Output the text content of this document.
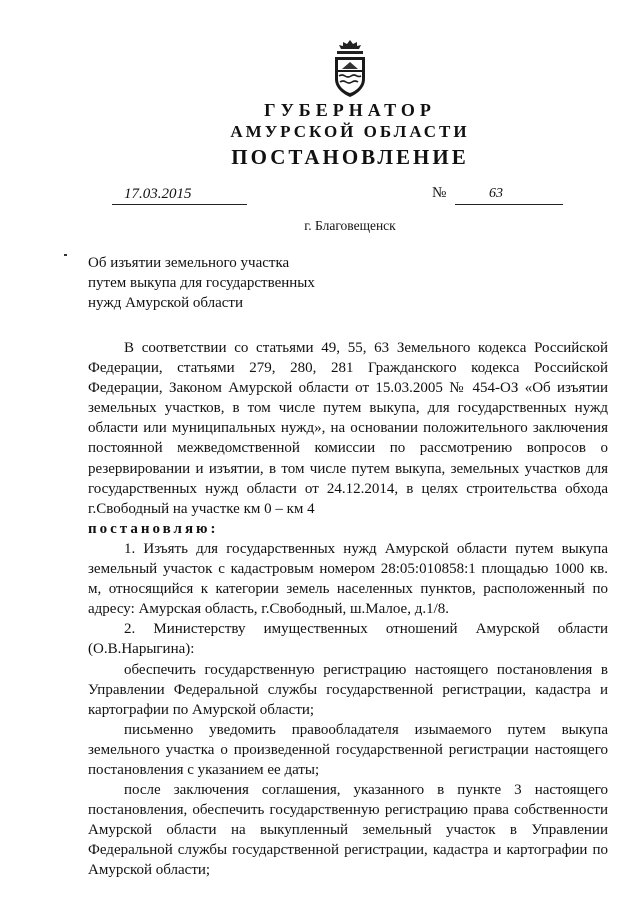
ГУБЕРНАТОР
АМУРСКОЙ ОБЛАСТИ
ПОСТАНОВЛЕНИЕ
17.03.2015	№	63
г. Благовещенск
Об изъятии земельного участка
путем выкупа для государственных
нужд Амурской области
В соответствии со статьями 49, 55, 63 Земельного кодекса Российской
Федерации, статьями 279, 280, 281 Гражданского кодекса Российской
Федерации, Законом Амурской области от 15.03.2005 № 454-ОЗ «Об изъятии
земельных участков, в том числе путем выкупа, для государственных нужд
области или муниципальных нужд», на основании положительного заключения
постоянной межведомственной комиссии по рассмотрению вопросов о
резервировании и изъятии, в том числе путем выкупа, земельных участков для
государственных нужд области от 24.12.2014, в целях строительства обхода
г.Свободный на участке км 0 – км 4
постановляю:
1. Изъять для государственных нужд Амурской области путем выкупа
земельный участок с кадастровым номером 28:05:010858:1 площадью 1000 кв.
м, относящийся к категории земель населенных пунктов, расположенный по
адресу: Амурская область, г.Свободный, ш.Малое, д.1/8.
2. Министерству имущественных отношений Амурской области
(О.В.Нарыгина):
обеспечить государственную регистрацию настоящего постановления в
Управлении Федеральной службы государственной регистрации, кадастра и
картографии по Амурской области;
письменно уведомить правообладателя изымаемого путем выкупа
земельного участка о произведенной государственной регистрации настоящего
постановления с указанием ее даты;
после заключения соглашения, указанного в пункте 3 настоящего
постановления, обеспечить государственную регистрацию права собственности
Амурской области на выкупленный земельный участок в Управлении
Федеральной службы государственной регистрации, кадастра и картографии по
Амурской области;
